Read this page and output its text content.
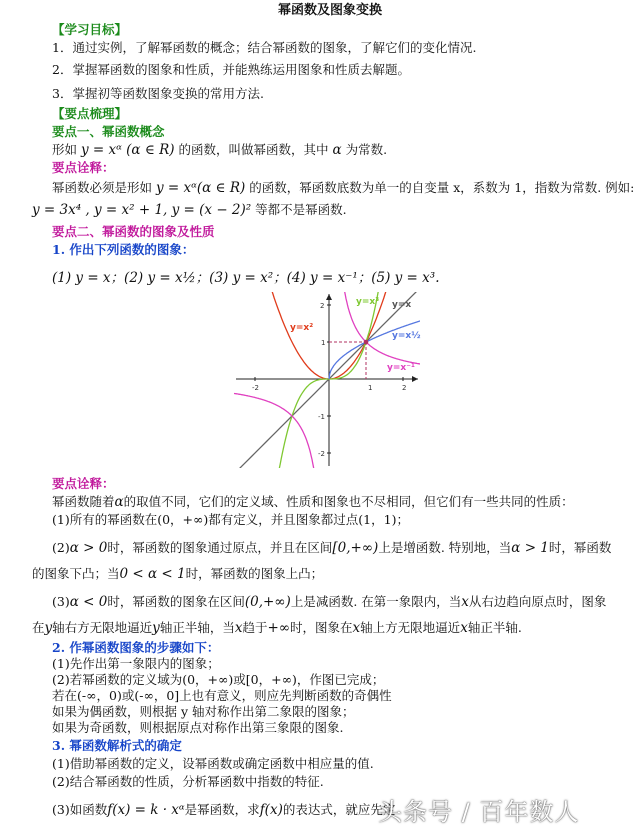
幂函数及图象变换
【学习目标】
1．通过实例，了解幂函数的概念；结合幂函数的图象，了解它们的变化情况.
2．掌握幂函数的图象和性质，并能熟练运用图象和性质去解题。
3．掌握初等函数图象变换的常用方法.
【要点梳理】
要点一、幂函数概念
形如 y = xᵅ (α ∈ R) 的函数，叫做幂函数，其中 α 为常数.
要点诠释：
幂函数必须是形如 y = xᵅ(α ∈ R) 的函数，幂函数底数为单一的自变量 x，系数为 1，指数为常数. 例如:
y = 3x⁴ , y = x² + 1, y = (x − 2)² 等都不是幂函数.
要点二、幂函数的图象及性质
1. 作出下列函数的图象：
(1) y = x；(2) y = x½；(3) y = x²；(4) y = x⁻¹；(5) y = x³.
-2	2
1
2
1
-1
-2
y=x²
y=x³ y=x
y=x½
y=x⁻¹
要点诠释：
幂函数随着α的取值不同，它们的定义域、性质和图象也不尽相同，但它们有一些共同的性质：
(1)所有的幂函数在(0，+∞)都有定义，并且图象都过点(1，1)；
(2)α > 0时，幂函数的图象通过原点，并且在区间[0,+∞)上是增函数. 特别地，当α > 1时，幂函数
的图象下凸；当0 < α < 1时，幂函数的图象上凸；
(3)α < 0时，幂函数的图象在区间(0,+∞)上是减函数. 在第一象限内，当x从右边趋向原点时，图象
在y轴右方无限地逼近y轴正半轴，当x趋于+∞时，图象在x轴上方无限地逼近x轴正半轴.
2. 作幂函数图象的步骤如下：
(1)先作出第一象限内的图象；
(2)若幂函数的定义域为(0，+∞)或[0，+∞)，作图已完成；
若在(-∞，0)或(-∞，0]上也有意义，则应先判断函数的奇偶性
如果为偶函数，则根据 y 轴对称作出第二象限的图象；
如果为奇函数，则根据原点对称作出第三象限的图象.
3. 幂函数解析式的确定
(1)借助幂函数的定义，设幂函数或确定函数中相应量的值.
(2)结合幂函数的性质，分析幂函数中指数的特征.
(3)如函数f(x) = k · xᵅ是幂函数，求f(x)的表达式，就应先定
头条号 / 百年数人
